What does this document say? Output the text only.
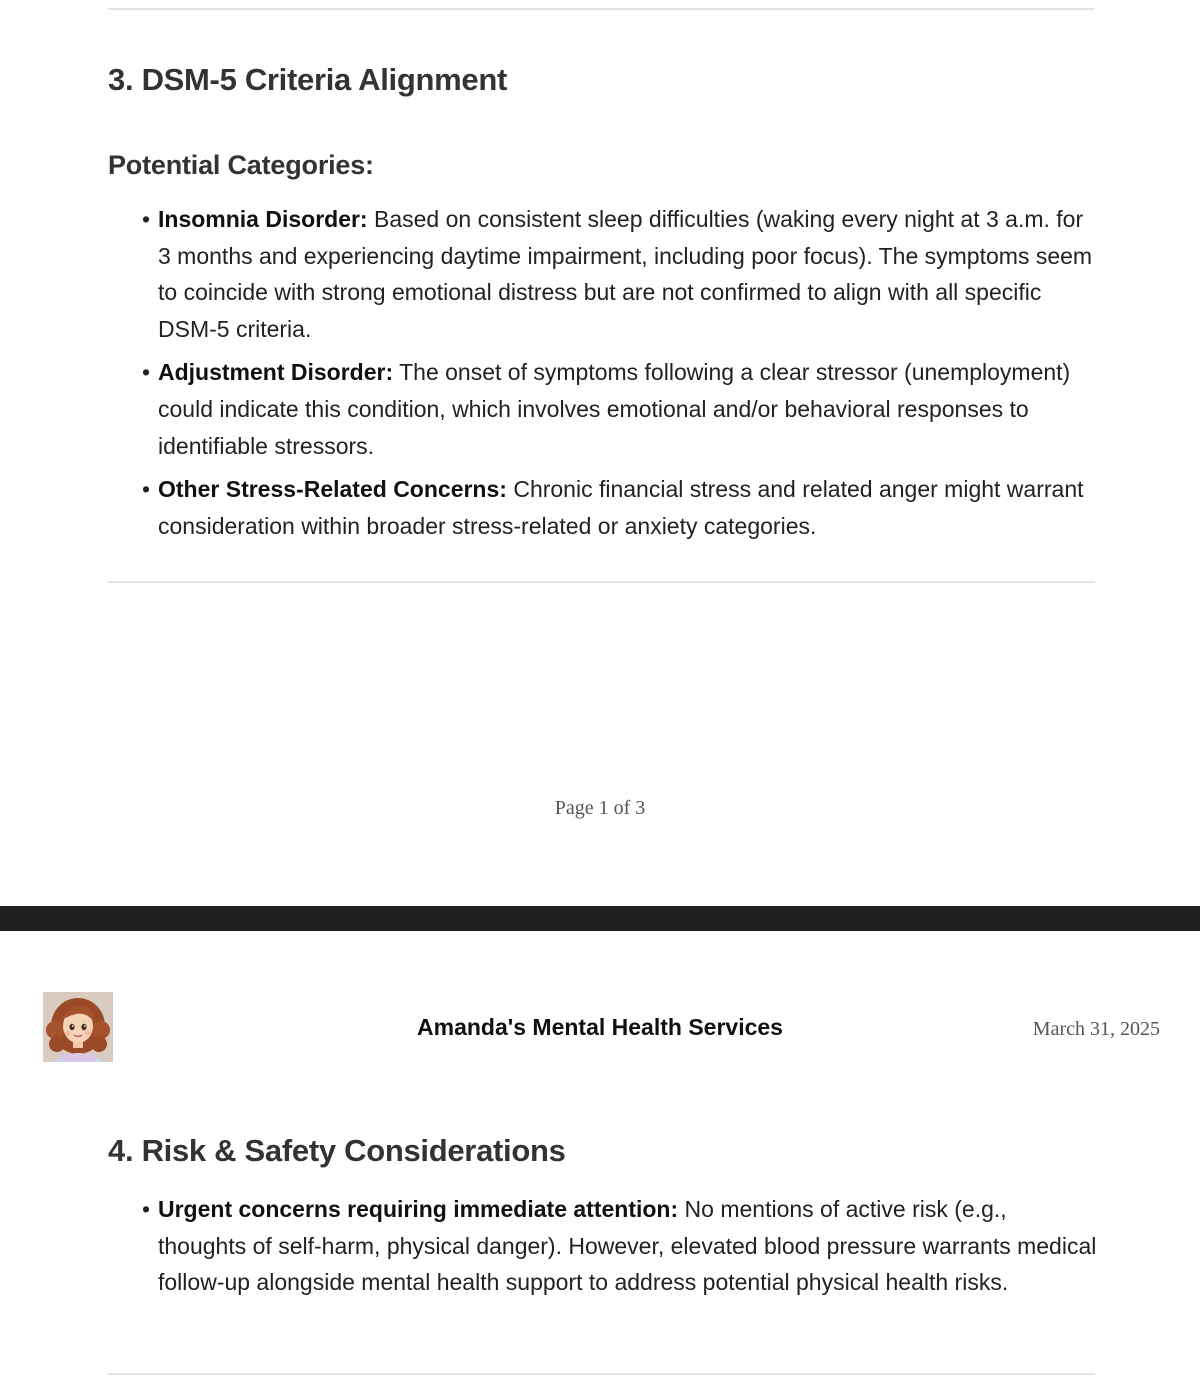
3. DSM-5 Criteria Alignment
Potential Categories:
• Insomnia Disorder: Based on consistent sleep difficulties (waking every night at 3 a.m. for 3 months and experiencing daytime impairment, including poor focus). The symptoms seem to coincide with strong emotional distress but are not confirmed to align with all specific DSM-5 criteria.
• Adjustment Disorder: The onset of symptoms following a clear stressor (unemployment) could indicate this condition, which involves emotional and/or behavioral responses to identifiable stressors.
• Other Stress-Related Concerns: Chronic financial stress and related anger might warrant consideration within broader stress-related or anxiety categories.
Page 1 of 3
Amanda's Mental Health Services	March 31, 2025
4. Risk & Safety Considerations
• Urgent concerns requiring immediate attention: No mentions of active risk (e.g., thoughts of self-harm, physical danger). However, elevated blood pressure warrants medical follow-up alongside mental health support to address potential physical health risks.
